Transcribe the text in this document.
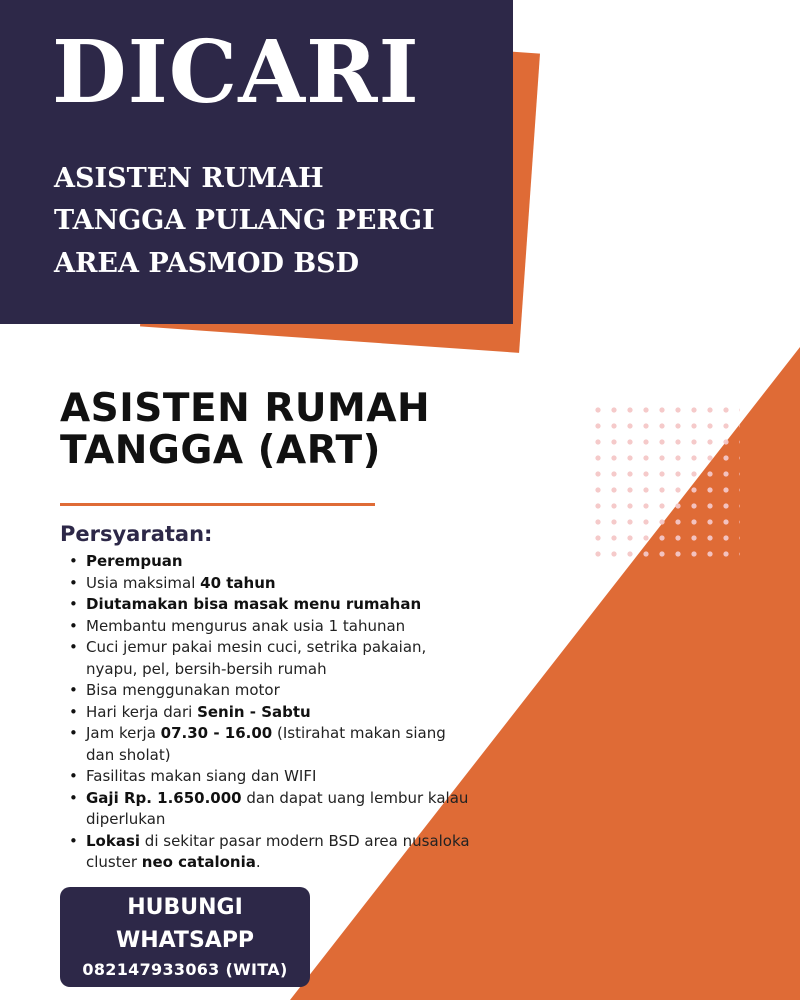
DICARI

ASISTEN RUMAH

TANGGA PULANG PERGI

AREA PASMOD BSD

ASISTEN RUMAH
TANGGA (ART)
Persyaratan:
• Perempuan
• Usia maksimal 40 tahun
• Diutamakan bisa masak menu rumahan
• Membantu mengurus anak usia 1 tahunan
• Cuci jemur pakai mesin cuci, setrika pakaian, nyapu, pel, bersih-bersih rumah
• Bisa menggunakan motor
• Hari kerja dari Senin - Sabtu
• Jam kerja 07.30 - 16.00 (Istirahat makan siang dan sholat)
• Fasilitas makan siang dan WIFI
• Gaji Rp. 1.650.000 dan dapat uang lembur kalau diperlukan
• Lokasi di sekitar pasar modern BSD area nusaloka cluster neo catalonia.

HUBUNGI

WHATSAPP

082147933063 (WITA)
